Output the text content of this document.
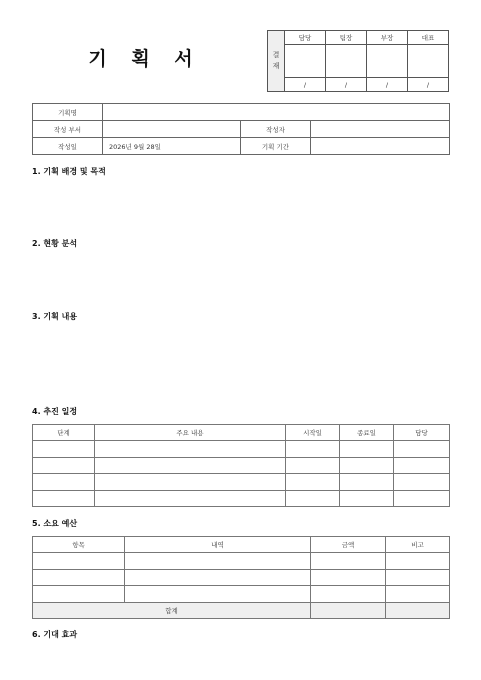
기 획 서	결
재	담당	팀장	부장	대표

	/	/	/	/
기획명			
작성 부서		작성자	
작성일	2026년 9월 28일	기획 기간	
1. 기획 배경 및 목적
2. 현황 분석
3. 기획 내용
4. 추진 일정
단계	주요 내용	시작일	종료일	담당

5. 소요 예산
항목	내역	금액	비고

합계			
6. 기대 효과
